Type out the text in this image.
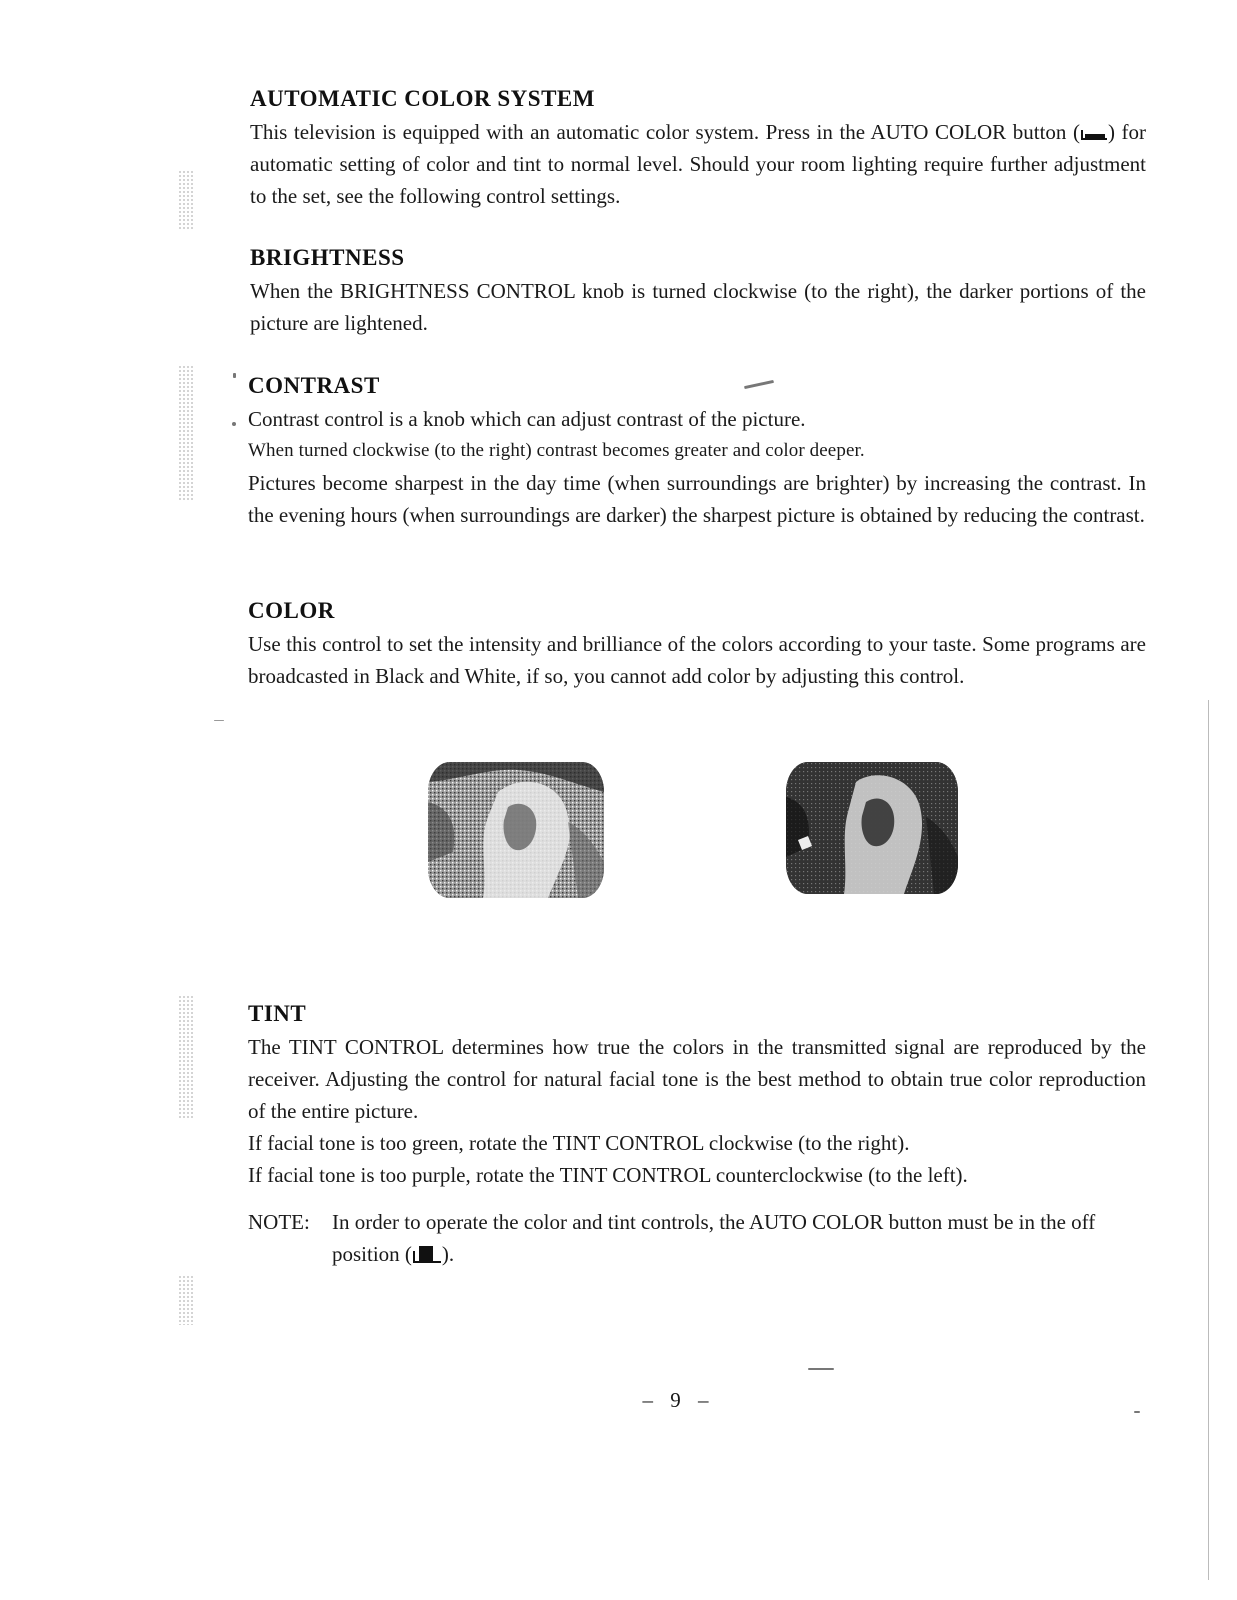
AUTOMATIC COLOR SYSTEM

This television is equipped with an automatic color system. Press in the AUTO COLOR button ( ) for automatic setting of color and tint to normal level. Should your room lighting require further adjustment to the set, see the following control settings.

BRIGHTNESS

When the BRIGHTNESS CONTROL knob is turned clockwise (to the right), the darker portions of the picture are lightened.

CONTRAST

Contrast control is a knob which can adjust contrast of the picture.

When turned clockwise (to the right) contrast becomes greater and color deeper.

Pictures become sharpest in the day time (when surroundings are brighter) by increasing the contrast. In the evening hours (when surroundings are darker) the sharpest picture is obtained by reducing the contrast.

COLOR

Use this control to set the intensity and brilliance of the colors according to your taste. Some programs are broadcasted in Black and White, if so, you cannot add color by adjusting this control.

TINT

The TINT CONTROL determines how true the colors in the transmitted signal are reproduced by the receiver. Adjusting the control for natural facial tone is the best method to obtain true color reproduction of the entire picture.

If facial tone is too green, rotate the TINT CONTROL clockwise (to the right).

If facial tone is too purple, rotate the TINT CONTROL counterclockwise (to the left).

NOTE:	In order to operate the color and tint controls, the AUTO COLOR button must be in the off position ( ).
– 9 –
